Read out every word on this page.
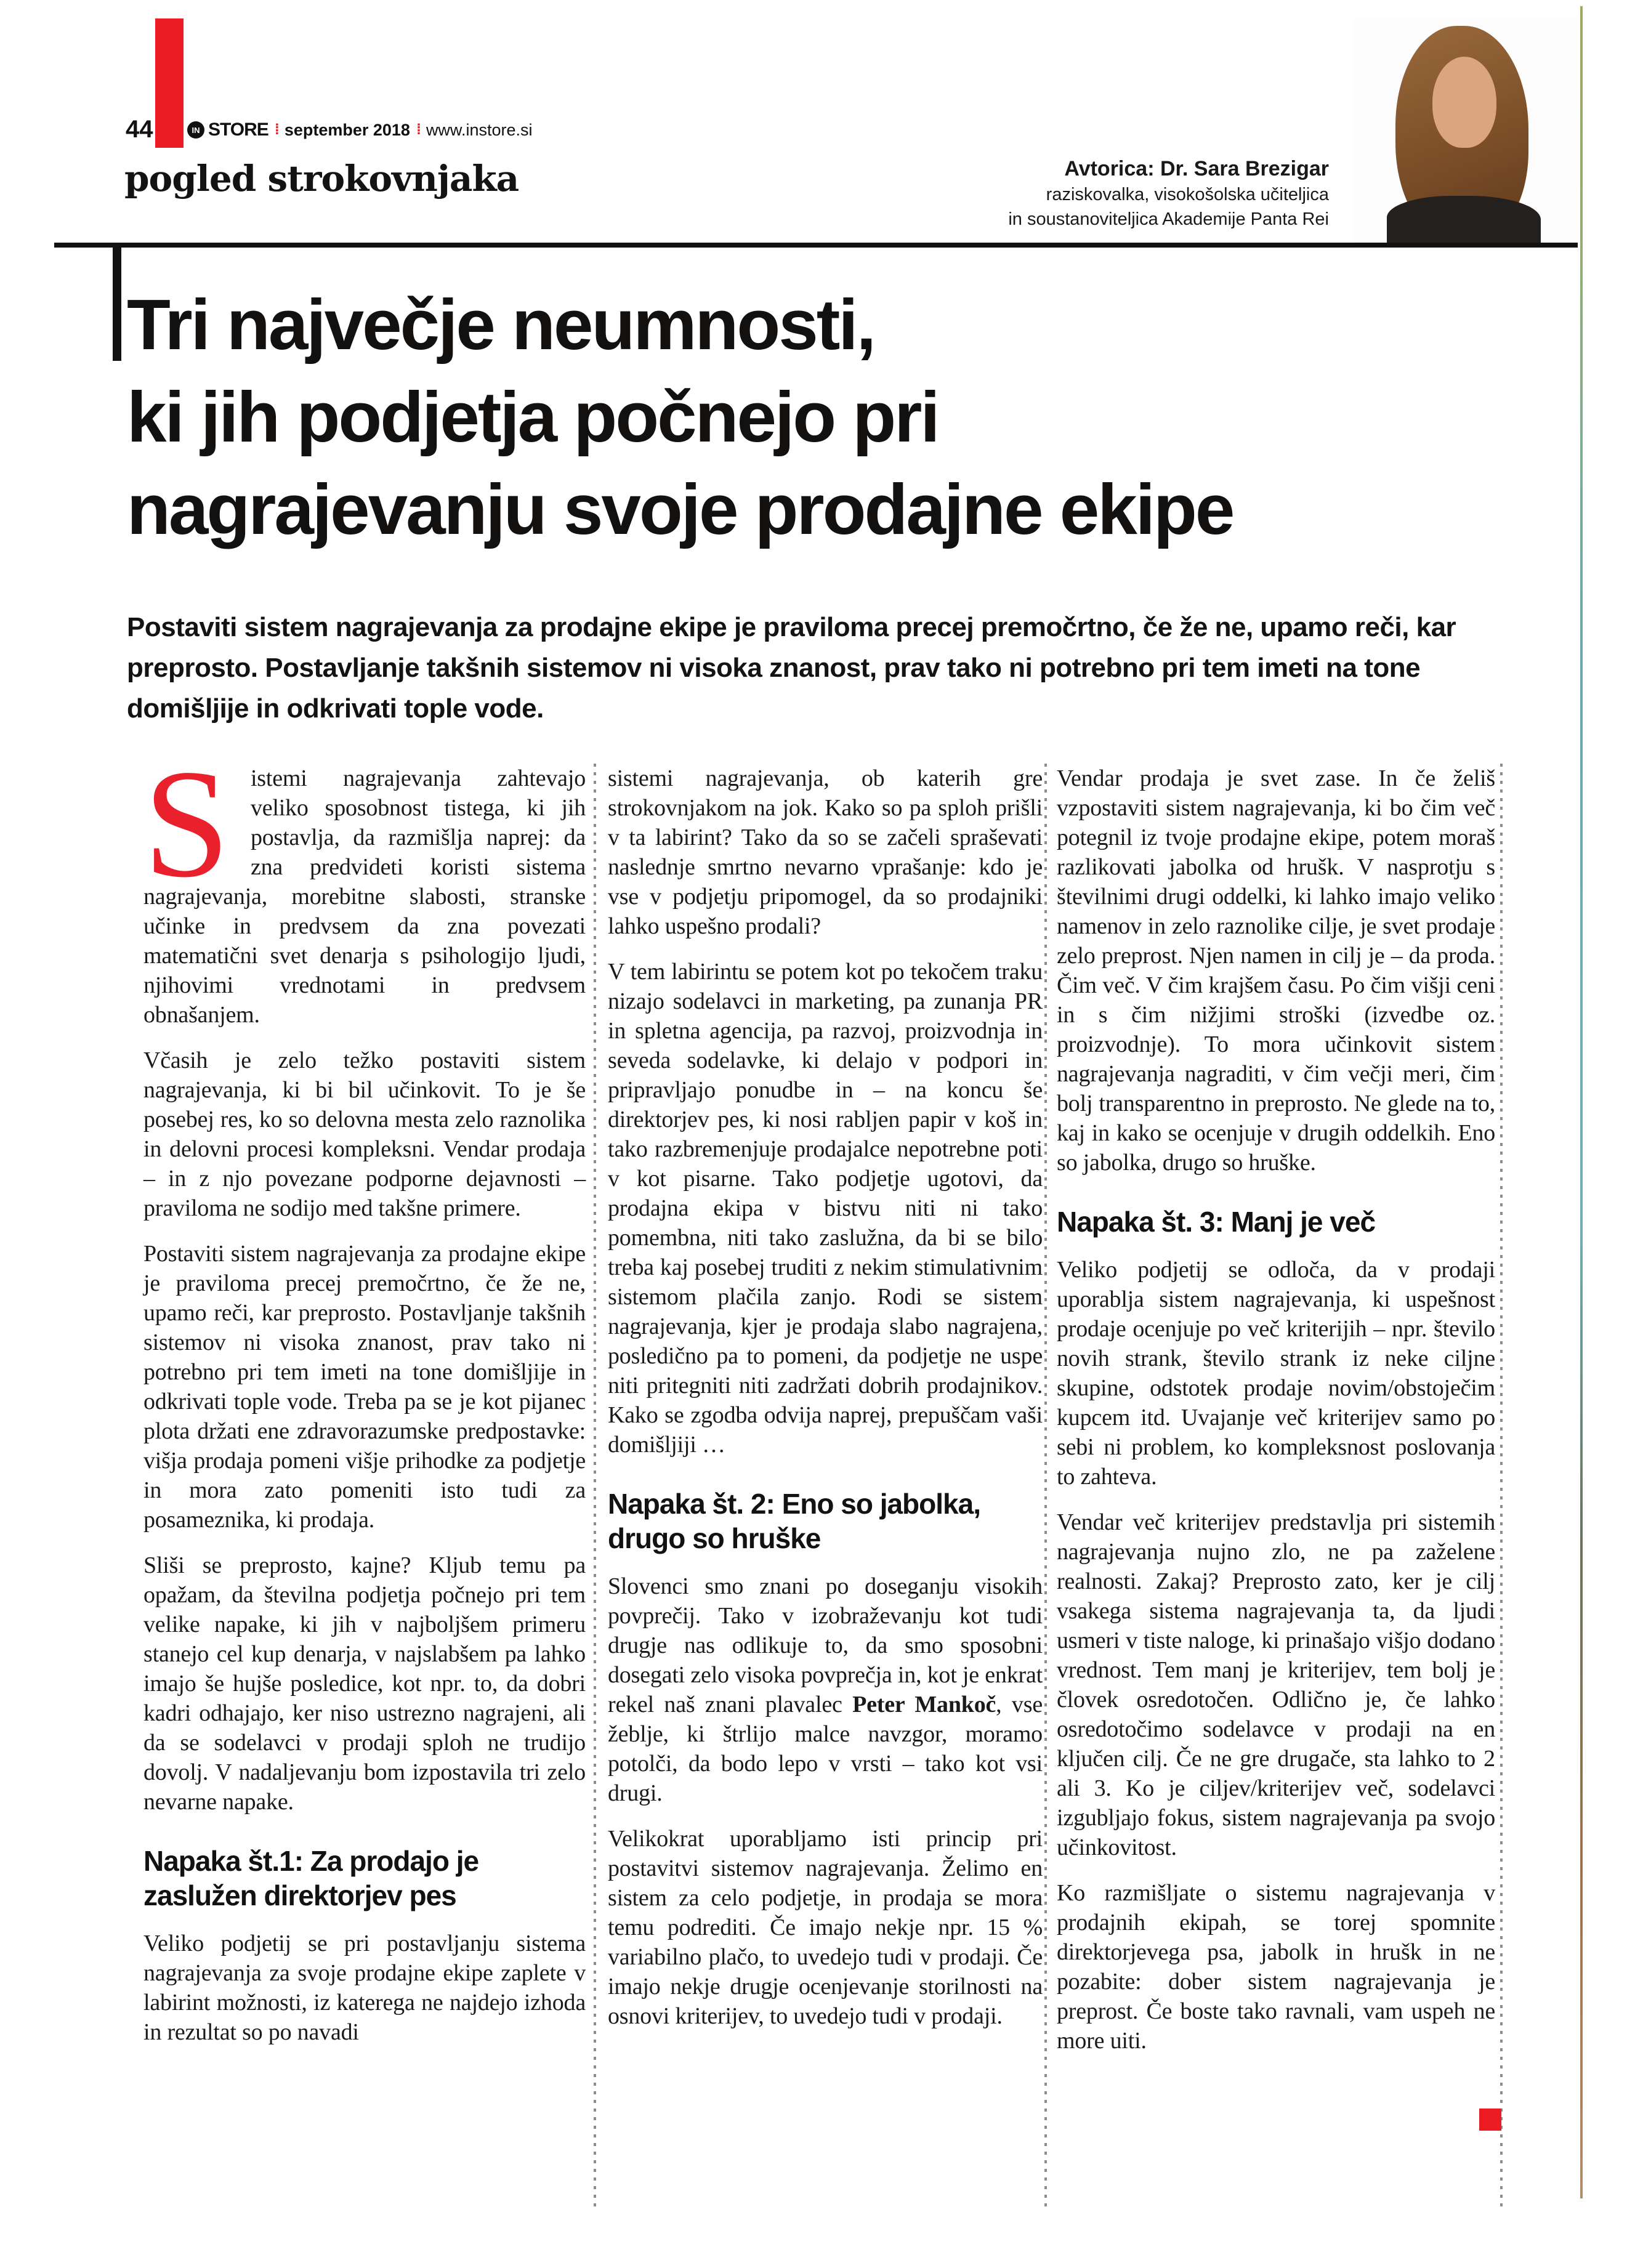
44	IN STORE ⁞ september 2018 ⁞ www.instore.si
pogled strokovnjaka	Avtorica: Dr. Sara Brezigar
raziskovalka, visokošolska učiteljica
in soustanoviteljica Akademije Panta Rei
Tri največje neumnosti,
ki jih podjetja počnejo pri
nagrajevanju svoje prodajne ekipe
Postaviti sistem nagrajevanja za prodajne ekipe je praviloma precej premočrtno, če že ne, upamo reči, kar preprosto. Postavljanje takšnih sistemov ni visoka znanost, prav tako ni potrebno pri tem imeti na tone domišljije in odkrivati tople vode.

Sistemi nagrajevanja zahtevajo veliko sposobnost tistega, ki jih postavlja, da razmišlja naprej: da zna predvideti koristi sistema nagrajevanja, morebitne slabosti, stranske učinke in predvsem da zna povezati matematični svet denarja s psihologijo ljudi, njihovimi vrednotami in predvsem obnašanjem.

Včasih je zelo težko postaviti sistem nagrajevanja, ki bi bil učinkovit. To je še posebej res, ko so delovna mesta zelo raznolika in delovni procesi kompleksni. Vendar prodaja – in z njo povezane podporne dejavnosti – praviloma ne sodijo med takšne primere.

Postaviti sistem nagrajevanja za prodajne ekipe je praviloma precej premočrtno, če že ne, upamo reči, kar preprosto. Postavljanje takšnih sistemov ni visoka znanost, prav tako ni potrebno pri tem imeti na tone domišljije in odkrivati tople vode. Treba pa se je kot pijanec plota držati ene zdravorazumske predpostavke: višja prodaja pomeni višje prihodke za podjetje in mora zato pomeniti isto tudi za posameznika, ki prodaja.

Sliši se preprosto, kajne? Kljub temu pa opažam, da številna podjetja počnejo pri tem velike napake, ki jih v najboljšem primeru stanejo cel kup denarja, v najslabšem pa lahko imajo še hujše posledice, kot npr. to, da dobri kadri odhajajo, ker niso ustrezno nagrajeni, ali da se sodelavci v prodaji sploh ne trudijo dovolj. V nadaljevanju bom izpostavila tri zelo nevarne napake.

Napaka št.1: Za prodajo je zaslužen direktorjev pes

Veliko podjetij se pri postavljanju sistema nagrajevanja za svoje prodajne ekipe zaplete v labirint možnosti, iz katerega ne najdejo izhoda in rezultat so po navadi

sistemi nagrajevanja, ob katerih gre strokovnjakom na jok. Kako so pa sploh prišli v ta labirint? Tako da so se začeli spraševati naslednje smrtno nevarno vprašanje: kdo je vse v podjetju pripomogel, da so prodajniki lahko uspešno prodali?

V tem labirintu se potem kot po tekočem traku nizajo sodelavci in marketing, pa zunanja PR in spletna agencija, pa razvoj, proizvodnja in seveda sodelavke, ki delajo v podpori in pripravljajo ponudbe in – na koncu še direktorjev pes, ki nosi rabljen papir v koš in tako razbremenjuje prodajalce nepotrebne poti v kot pisarne. Tako podjetje ugotovi, da prodajna ekipa v bistvu niti ni tako pomembna, niti tako zaslužna, da bi se bilo treba kaj posebej truditi z nekim stimulativnim sistemom plačila zanjo. Rodi se sistem nagrajevanja, kjer je prodaja slabo nagrajena, posledično pa to pomeni, da podjetje ne uspe niti pritegniti niti zadržati dobrih prodajnikov. Kako se zgodba odvija naprej, prepuščam vaši domišljiji …

Napaka št. 2: Eno so jabolka, drugo so hruške

Slovenci smo znani po doseganju visokih povprečij. Tako v izobraževanju kot tudi drugje nas odlikuje to, da smo sposobni dosegati zelo visoka povprečja in, kot je enkrat rekel naš znani plavalec Peter Mankoč, vse žeblje, ki štrlijo malce navzgor, moramo potolči, da bodo lepo v vrsti – tako kot vsi drugi.

Velikokrat uporabljamo isti princip pri postavitvi sistemov nagrajevanja. Želimo en sistem za celo podjetje, in prodaja se mora temu podrediti. Če imajo nekje npr. 15 % variabilno plačo, to uvedejo tudi v prodaji. Če imajo nekje drugje ocenjevanje storilnosti na osnovi kriterijev, to uvedejo tudi v prodaji.

Vendar prodaja je svet zase. In če želiš vzpostaviti sistem nagrajevanja, ki bo čim več potegnil iz tvoje prodajne ekipe, potem moraš razlikovati jabolka od hrušk. V nasprotju s številnimi drugi oddelki, ki lahko imajo veliko namenov in zelo raznolike cilje, je svet prodaje zelo preprost. Njen namen in cilj je – da proda. Čim več. V čim krajšem času. Po čim višji ceni in s čim nižjimi stroški (izvedbe oz. proizvodnje). To mora učinkovit sistem nagrajevanja nagraditi, v čim večji meri, čim bolj transparentno in preprosto. Ne glede na to, kaj in kako se ocenjuje v drugih oddelkih. Eno so jabolka, drugo so hruške.

Napaka št. 3: Manj je več

Veliko podjetij se odloča, da v prodaji uporablja sistem nagrajevanja, ki uspešnost prodaje ocenjuje po več kriterijih – npr. število novih strank, število strank iz neke ciljne skupine, odstotek prodaje novim/obstoječim kupcem itd. Uvajanje več kriterijev samo po sebi ni problem, ko kompleksnost poslovanja to zahteva.

Vendar več kriterijev predstavlja pri sistemih nagrajevanja nujno zlo, ne pa zaželene realnosti. Zakaj? Preprosto zato, ker je cilj vsakega sistema nagrajevanja ta, da ljudi usmeri v tiste naloge, ki prinašajo višjo dodano vrednost. Tem manj je kriterijev, tem bolj je človek osredotočen. Odlično je, če lahko osredotočimo sodelavce v prodaji na en ključen cilj. Če ne gre drugače, sta lahko to 2 ali 3. Ko je ciljev/kriterijev več, sodelavci izgubljajo fokus, sistem nagrajevanja pa svojo učinkovitost.

Ko razmišljate o sistemu nagrajevanja v prodajnih ekipah, se torej spomnite direktorjevega psa, jabolk in hrušk in ne pozabite: dober sistem nagrajevanja je preprost. Če boste tako ravnali, vam uspeh ne more uiti.
